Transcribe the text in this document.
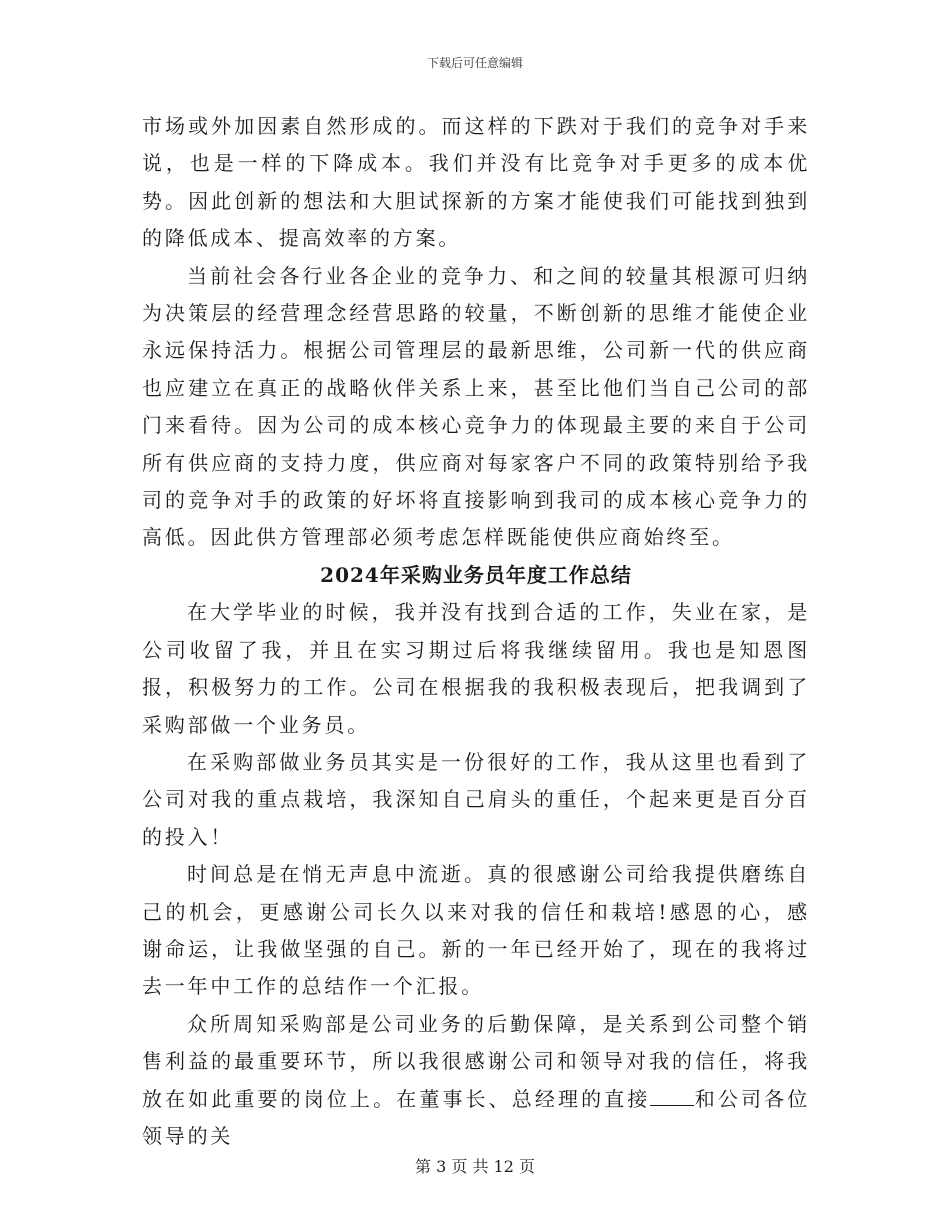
下载后可任意编辑

市场或外加因素自然形成的。而这样的下跌对于我们的竞争对手来说，也是一样的下降成本。我们并没有比竞争对手更多的成本优势。因此创新的想法和大胆试探新的方案才能使我们可能找到独到的降低成本、提高效率的方案。

当前社会各行业各企业的竞争力、和之间的较量其根源可归纳为决策层的经营理念经营思路的较量，不断创新的思维才能使企业永远保持活力。根据公司管理层的最新思维，公司新一代的供应商也应建立在真正的战略伙伴关系上来，甚至比他们当自己公司的部门来看待。因为公司的成本核心竞争力的体现最主要的来自于公司所有供应商的支持力度，供应商对每家客户不同的政策特别给予我司的竞争对手的政策的好坏将直接影响到我司的成本核心竞争力的高低。因此供方管理部必须考虑怎样既能使供应商始终至。

2024年采购业务员年度工作总结

在大学毕业的时候，我并没有找到合适的工作，失业在家，是公司收留了我，并且在实习期过后将我继续留用。我也是知恩图报，积极努力的工作。公司在根据我的我积极表现后，把我调到了采购部做一个业务员。

在采购部做业务员其实是一份很好的工作，我从这里也看到了公司对我的重点栽培，我深知自己肩头的重任，个起来更是百分百的投入！

时间总是在悄无声息中流逝。真的很感谢公司给我提供磨练自己的机会，更感谢公司长久以来对我的信任和栽培!感恩的心，感谢命运，让我做坚强的自己。新的一年已经开始了，现在的我将过去一年中工作的总结作一个汇报。

众所周知采购部是公司业务的后勤保障，是关系到公司整个销售利益的最重要环节，所以我很感谢公司和领导对我的信任，将我放在如此重要的岗位上。在董事长、总经理的直接 和公司各位领导的关

第 3 页 共 12 页
